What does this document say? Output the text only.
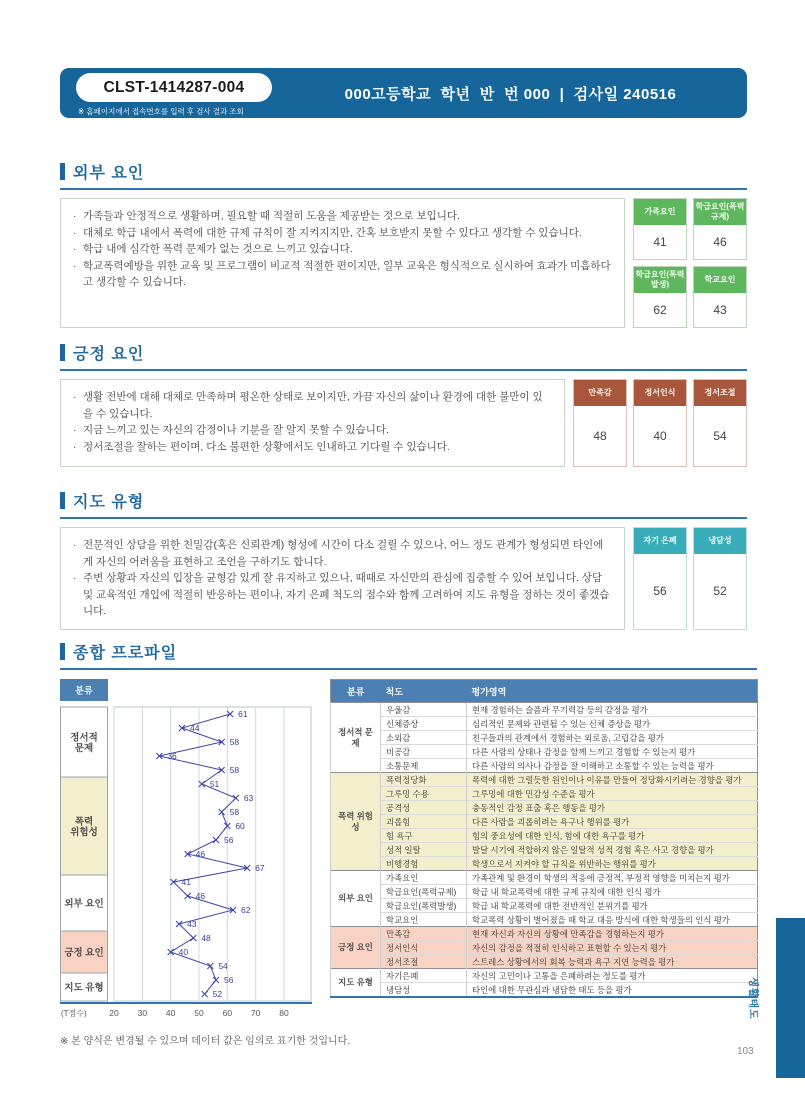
CLST-1414287-004
※ 홈페이지에서 접속번호를 입력 후 검사 결과 조회
000고등학교  학년  반  번 000  |  검사일 240516
외부 요인
· 가족들과 안정적으로 생활하며, 필요할 때 적절히 도움을 제공받는 것으로 보입니다.
· 대체로 학급 내에서 폭력에 대한 규제 규칙이 잘 지켜지지만, 간혹 보호받지 못할 수 있다고 생각할 수 있습니다.
· 학급 내에 심각한 폭력 문제가 없는 것으로 느끼고 있습니다.
· 학교폭력예방을 위한 교육 및 프로그램이 비교적 적절한 편이지만, 일부 교육은 형식적으로 실시하여 효과가 미흡하다고 생각할 수 있습니다.
가족요인
41
학급요인(폭력규제)
46
학급요인(폭력발생)
62
학교요인
43
긍정 요인
· 생활 전반에 대해 대체로 만족하며 평온한 상태로 보이지만, 가끔 자신의 삶이나 환경에 대한 불만이 있을 수 있습니다.
· 지금 느끼고 있는 자신의 감정이나 기분을 잘 알지 못할 수 있습니다.
· 정서조절을 잘하는 편이며, 다소 불편한 상황에서도 인내하고 기다릴 수 있습니다.
만족감
48
정서인식
40
정서조절
54
지도 유형
· 전문적인 상담을 위한 친밀감(혹은 신뢰관계) 형성에 시간이 다소 걸릴 수 있으나, 어느 정도 관계가 형성되면 타인에게 자신의 어려움을 표현하고 조언을 구하기도 합니다.
· 주변 상황과 자신의 입장을 균형감 있게 잘 유지하고 있으나, 때때로 자신만의 관심에 집중할 수 있어 보입니다. 상담 및 교육적인 개입에 적절히 반응하는 편이나, 자기 은폐 척도의 점수와 함께 고려하여 지도 유형을 정하는 것이 좋겠습니다.
자기 은폐
56
냉담성
52
종합 프로파일
분류
정서적
문제
폭력
위험성
외부 요인
긍정 요인
지도 유형
61
44
58
36
58
51
63
58
60
56
46
67
41
46
62
43
48
40
54
56
52
20 30 40 50 60 70 80
(T점수)
분류	척도	평가영역
정서적 문제	우울감	현재 경험하는 슬픔과 무기력감 등의 감정을 평가
	신체증상	심리적인 문제와 관련될 수 있는 신체 증상을 평가
	소외감	친구들과의 관계에서 경험하는 외로움, 고립감을 평가
	비공감	다른 사람의 상태나 감정을 함께 느끼고 경험할 수 있는지 평가
	소통문제	다른 사람의 의사나 감정을 잘 이해하고 소통할 수 있는 능력을 평가
폭력 위험성	폭력정당화	폭력에 대한 그럴듯한 원인이나 이유를 만들어 정당화시키려는 경향을 평가
	그루밍 수용	그루밍에 대한 민감성 수준을 평가
	공격성	충동적인 감정 표출 혹은 행동을 평가
	괴롭힘	다른 사람을 괴롭히려는 욕구나 행위를 평가
	힘 욕구	힘의 중요성에 대한 인식, 힘에 대한 욕구를 평가
	성적 일탈	발달 시기에 적합하지 않은 일탈적 성적 경험 혹은 사고 경향을 평가
	비행경험	학생으로서 지켜야 할 규칙을 위반하는 행위를 평가
외부 요인	가족요인	가족관계 및 환경이 학생의 적응에 긍정적, 부정적 영향을 미치는지 평가
	학급요인(폭력규제)	학급 내 학교폭력에 대한 규제 규칙에 대한 인식 평가
	학급요인(폭력발생)	학급 내 학교폭력에 대한 전반적인 분위기를 평가
	학교요인	학교폭력 상황이 벌어졌을 때 학교 대응 방식에 대한 학생들의 인식 평가
긍정 요인	만족감	현재 자신과 자신의 상황에 만족감을 경험하는지 평가
	정서인식	자신의 감정을 적절히 인식하고 표현할 수 있는지 평가
	정서조절	스트레스 상황에서의 회복 능력과 욕구 지연 능력을 평가
지도 유형	자기은폐	자신의 고민이나 고통을 은폐하려는 정도를 평가
	냉담성	타인에 대한 무관심과 냉담한 태도 등을 평가
※ 본 양식은 변경될 수 있으며 데이터 값은 임의로 표기한 것입니다.
103
생활태도
